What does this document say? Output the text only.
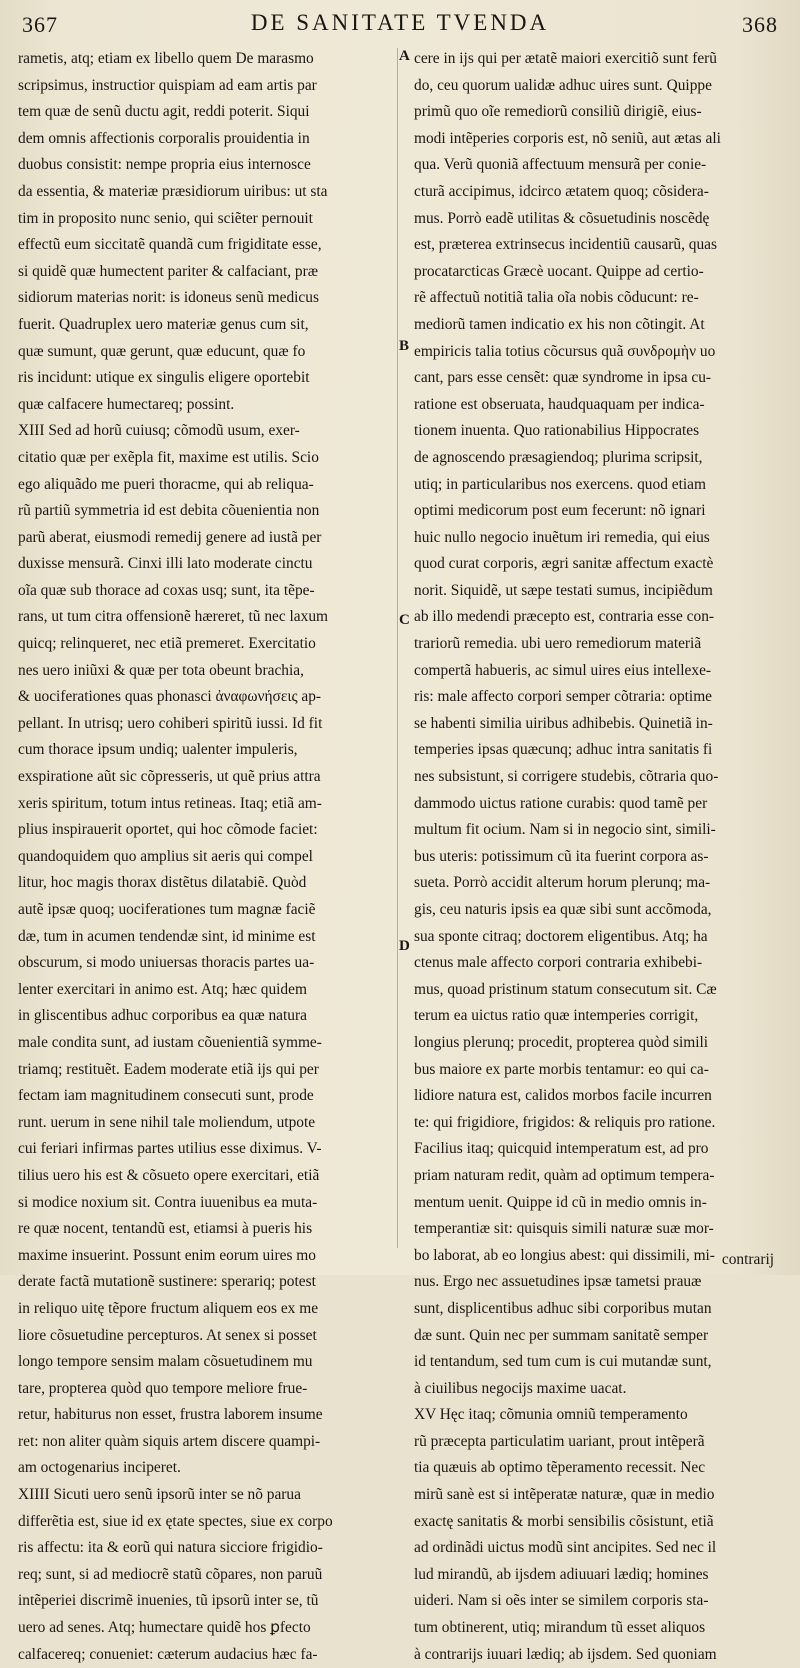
367	DE SANITATE TVENDA	368
A
B
C
D
rametis, atq; etiam ex libello quem De marasmo
scripsimus, instructior quispiam ad eam artis par
tem quæ de senũ ductu agit, reddi poterit. Siqui
dem omnis affectionis corporalis prouidentia in
duobus consistit: nempe propria eius internosce
da essentia, & materiæ præsidiorum uiribus: ut sta
tim in proposito nunc senio, qui sciẽter pernouit
effectũ eum siccitatẽ quandã cum frigiditate esse,
si quidẽ quæ humectent pariter & calfaciant, præ
sidiorum materias norit: is idoneus senũ medicus
fuerit. Quadruplex uero materiæ genus cum sit,
quæ sumunt, quæ gerunt, quæ educunt, quæ fo
ris incidunt: utique ex singulis eligere oportebit
quæ calfacere humectareq; possint.
XIII Sed ad horũ cuiusq; cõmodũ usum, exer-
citatio quæ per exẽpla fit, maxime est utilis. Scio
ego aliquãdo me pueri thoracme, qui ab reliqua-
rũ partiũ symmetria id est debita cõuenientia non
parũ aberat, eiusmodi remedij genere ad iustã per
duxisse mensurã. Cinxi illi lato moderate cinctu
oĩa quæ sub thorace ad coxas usq; sunt, ita tẽpe-
rans, ut tum citra offensionẽ hæreret, tũ nec laxum
quicq; relinqueret, nec etiã premeret. Exercitatio
nes uero iniũxi & quæ per tota obeunt brachia,
& uociferationes quas phonasci ἀναφωνήσεις ap-
pellant. In utrisq; uero cohiberi spiritũ iussi. Id fit
cum thorace ipsum undiq; ualenter impuleris,
exspiratione aũt sic cõpresseris, ut quẽ prius attra
xeris spiritum, totum intus retineas. Itaq; etiã am-
plius inspirauerit oportet, qui hoc cõmode faciet:
quandoquidem quo amplius sit aeris qui compel
litur, hoc magis thorax distẽtus dilatabiẽ. Quòd
autẽ ipsæ quoq; uociferationes tum magnæ faciẽ
dæ, tum in acumen tendendæ sint, id minime est
obscurum, si modo uniuersas thoracis partes ua-
lenter exercitari in animo est. Atq; hæc quidem
in gliscentibus adhuc corporibus ea quæ natura
male condita sunt, ad iustam cõuenientiã symme-
triamq; restituẽt. Eadem moderate etiã ijs qui per
fectam iam magnitudinem consecuti sunt, prode
runt. uerum in sene nihil tale moliendum, utpote
cui feriari infirmas partes utilius esse diximus. V-
tilius uero his est & cõsueto opere exercitari, etiã
si modice noxium sit. Contra iuuenibus ea muta-
re quæ nocent, tentandũ est, etiamsi à pueris his
maxime insuerint. Possunt enim eorum uires mo
derate factã mutationẽ sustinere: sperariq; potest
in reliquo uitę tẽpore fructum aliquem eos ex me
liore cõsuetudine percepturos. At senex si posset
longo tempore sensim malam cõsuetudinem mu
tare, propterea quòd quo tempore meliore frue-
retur, habiturus non esset, frustra laborem insume
ret: non aliter quàm siquis artem discere quampi-
am octogenarius inciperet.
XIIII Sicuti uero senũ ipsorũ inter se nõ parua
differẽtia est, siue id ex ętate spectes, siue ex corpo
ris affectu: ita & eorũ qui natura sicciore frigidio-
req; sunt, si ad mediocrẽ statũ cõpares, non paruũ
intẽperiei discrimẽ inuenies, tũ ipsorũ inter se, tũ
uero ad senes. Atq; humectare quidẽ hos ꝑfecto
calfacereq; conueniet: cæterum audacius hæc fa-
cere in ijs qui per ætatẽ maiori exercitiõ sunt ferũ
do, ceu quorum ualidæ adhuc uires sunt. Quippe
primũ quo oĩe remediorũ consiliũ dirigiẽ, eius-
modi intẽperies corporis est, nõ seniũ, aut ætas ali
qua. Verũ quoniã affectuum mensurã per conie-
cturã accipimus, idcirco ætatem quoq; cõsidera-
mus. Porrò eadẽ utilitas & cõsuetudinis noscẽdę
est, præterea extrinsecus incidentiũ causarũ, quas
procatarcticas Græcè uocant. Quippe ad certio-
rẽ affectuũ notitiã talia oĩa nobis cõducunt: re-
mediorũ tamen indicatio ex his non cõtingit. At
empiricis talia totius cõcursus quã συνδρομὴν uo
cant, pars esse censẽt: quæ syndrome in ipsa cu-
ratione est obseruata, haudquaquam per indica-
tionem inuenta. Quo rationabilius Hippocrates
de agnoscendo præsagiendoq; plurima scripsit,
utiq; in particularibus nos exercens. quod etiam
optimi medicorum post eum fecerunt: nõ ignari
huic nullo negocio inuẽtum iri remedia, qui eius
quod curat corporis, ægri sanitæ affectum exactè
norit. Siquidẽ, ut sæpe testati sumus, incipiẽdum
ab illo medendi præcepto est, contraria esse con-
trariorũ remedia. ubi uero remediorum materiã
compertã habueris, ac simul uires eius intellexe-
ris: male affecto corpori semper cõtraria: optime
se habenti similia uiribus adhibebis. Quinetiã in-
temperies ipsas quæcunq; adhuc intra sanitatis fi
nes subsistunt, si corrigere studebis, cõtraria quo-
dammodo uictus ratione curabis: quod tamẽ per
multum fit ocium. Nam si in negocio sint, simili-
bus uteris: potissimum cũ ita fuerint corpora as-
sueta. Porrò accidit alterum horum plerunq; ma-
gis, ceu naturis ipsis ea quæ sibi sunt accõmoda,
sua sponte citraq; doctorem eligentibus. Atq; ha
ctenus male affecto corpori contraria exhibebi-
mus, quoad pristinum statum consecutum sit. Cæ
terum ea uictus ratio quæ intemperies corrigit,
longius plerunq; procedit, propterea quòd simili
bus maiore ex parte morbis tentamur: eo qui ca-
lidiore natura est, calidos morbos facile incurren
te: qui frigidiore, frigidos: & reliquis pro ratione.
Facilius itaq; quicquid intemperatum est, ad pro
priam naturam redit, quàm ad optimum tempera-
mentum uenit. Quippe id cũ in medio omnis in-
temperantiæ sit: quisquis simili naturæ suæ mor-
bo laborat, ab eo longius abest: qui dissimili, mi-
nus. Ergo nec assuetudines ipsæ tametsi prauæ
sunt, displicentibus adhuc sibi corporibus mutan
dæ sunt. Quin nec per summam sanitatẽ semper
id tentandum, sed tum cum is cui mutandæ sunt,
à ciuilibus negocijs maxime uacat.
XV Hęc itaq; cõmunia omniũ temperamento
rũ præcepta particulatim uariant, prout intẽperã
tia quæuis ab optimo tẽperamento recessit. Nec
mirũ sanè est si intẽperatæ naturæ, quæ in medio
exactę sanitatis & morbi sensibilis cõsistunt, etiã
ad ordinãdi uictus modũ sint ancipites. Sed nec il
lud mirandũ, ab ijsdem adiuuari lædiq; homines
uideri. Nam si oẽs inter se similem corporis sta-
tum obtinerent, utiq; mirandum tũ esset aliquos
à contrarijs iuuari lædiq; ab ijsdem. Sed quoniam
contrarij
